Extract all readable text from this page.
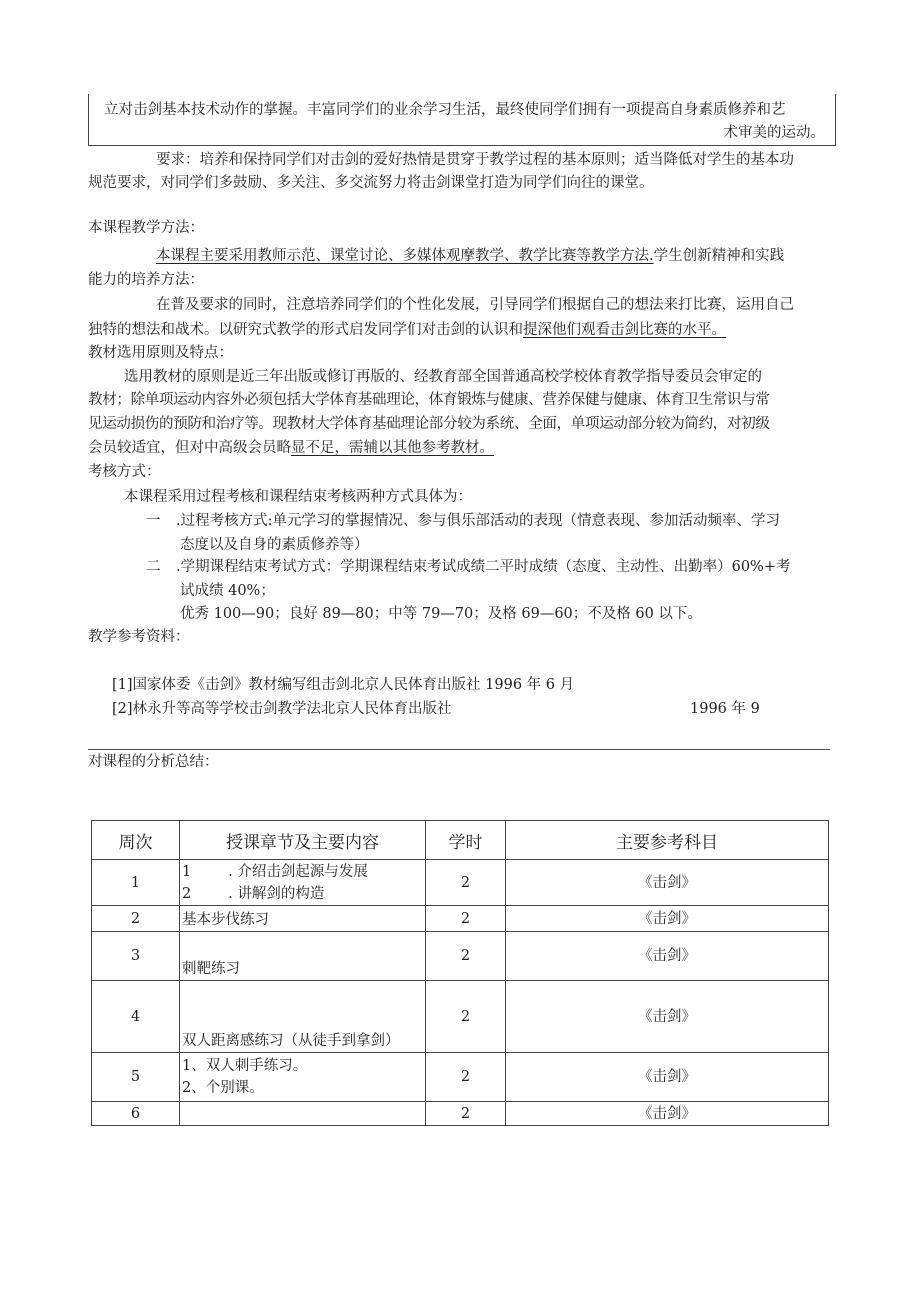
立对击剑基本技术动作的掌握。丰富同学们的业余学习生活，最终使同学们拥有一项提高自身素质修养和艺
术审美的运动。
要求：培养和保持同学们对击剑的爱好热情是贯穿于教学过程的基本原则；适当降低对学生的基本功
规范要求，对同学们多鼓励、多关注、多交流努力将击剑课堂打造为同学们向往的课堂。
本课程教学方法：
本课程主要采用教师示范、课堂讨论、多媒体观摩教学、教学比赛等教学方法.学生创新精神和实践
能力的培养方法：
在普及要求的同时，注意培养同学们的个性化发展，引导同学们根据自己的想法来打比赛，运用自己
独特的想法和战术。以研究式教学的形式启发同学们对击剑的认识和提深他们观看击剑比赛的水平。
教材选用原则及特点：
选用教材的原则是近三年出版或修订再版的、经教育部全国普通高校学校体育教学指导委员会审定的
教材；除单项运动内容外必须包括大学体育基础理论，体育锻炼与健康、营养保健与健康、体育卫生常识与常
见运动损伤的预防和治疗等。现教材大学体育基础理论部分较为系统、全面，单项运动部分较为简约，对初级
会员较适宜，但对中高级会员略显不足，需辅以其他参考教材。
考核方式：
本课程采用过程考核和课程结束考核两种方式具体为：
一 .过程考核方式:单元学习的掌握情况、参与俱乐部活动的表现（情意表现、参加活动频率、学习
态度以及自身的素质修养等）
二 .学期课程结束考试方式：学期课程结束考试成绩二平时成绩（态度、主动性、出勤率）60%+考
试成绩 40%；
优秀 100—90；良好 89—80；中等 79—70；及格 69—60；不及格 60 以下。
教学参考资料：
[1]国家体委《击剑》教材编写组击剑北京人民体育出版社 1996 年 6 月
[2]林永升等高等学校击剑教学法北京人民体育出版社	1996 年 9
对课程的分析总结：
周次	授课章节及主要内容	学时	主要参考科目
1	1        . 介绍击剑起源与发展
2        . 讲解剑的构造	2	《击剑》
2	基本步伐练习	2	《击剑》
3	刺靶练习	2	《击剑》
4	双人距离感练习（从徒手到拿剑）	2	《击剑》
5	1、双人刺手练习。
2、个别课。	2	《击剑》
6		2	《击剑》
